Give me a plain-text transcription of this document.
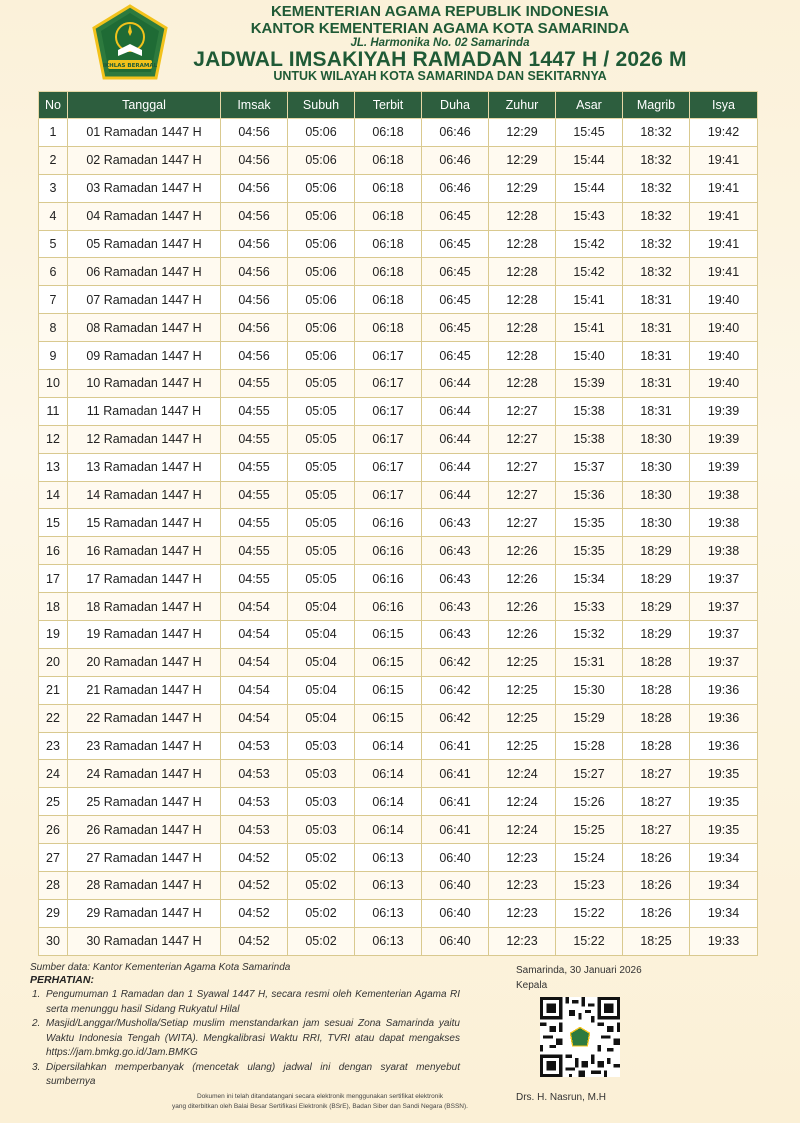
IKHLAS BERAMAL
KEMENTERIAN AGAMA REPUBLIK INDONESIA
KANTOR KEMENTERIAN AGAMA KOTA SAMARINDA
JL. Harmonika No. 02 Samarinda
JADWAL IMSAKIYAH RAMADAN 1447 H / 2026 M
UNTUK WILAYAH KOTA SAMARINDA DAN SEKITARNYA
No	Tanggal	Imsak	Subuh	Terbit	Duha	Zuhur	Asar	Magrib	Isya
1	01 Ramadan 1447 H	04:56	05:06	06:18	06:46	12:29	15:45	18:32	19:42
2	02 Ramadan 1447 H	04:56	05:06	06:18	06:46	12:29	15:44	18:32	19:41
3	03 Ramadan 1447 H	04:56	05:06	06:18	06:46	12:29	15:44	18:32	19:41
4	04 Ramadan 1447 H	04:56	05:06	06:18	06:45	12:28	15:43	18:32	19:41
5	05 Ramadan 1447 H	04:56	05:06	06:18	06:45	12:28	15:42	18:32	19:41
6	06 Ramadan 1447 H	04:56	05:06	06:18	06:45	12:28	15:42	18:32	19:41
7	07 Ramadan 1447 H	04:56	05:06	06:18	06:45	12:28	15:41	18:31	19:40
8	08 Ramadan 1447 H	04:56	05:06	06:18	06:45	12:28	15:41	18:31	19:40
9	09 Ramadan 1447 H	04:56	05:06	06:17	06:45	12:28	15:40	18:31	19:40
10	10 Ramadan 1447 H	04:55	05:05	06:17	06:44	12:28	15:39	18:31	19:40
11	11 Ramadan 1447 H	04:55	05:05	06:17	06:44	12:27	15:38	18:31	19:39
12	12 Ramadan 1447 H	04:55	05:05	06:17	06:44	12:27	15:38	18:30	19:39
13	13 Ramadan 1447 H	04:55	05:05	06:17	06:44	12:27	15:37	18:30	19:39
14	14 Ramadan 1447 H	04:55	05:05	06:17	06:44	12:27	15:36	18:30	19:38
15	15 Ramadan 1447 H	04:55	05:05	06:16	06:43	12:27	15:35	18:30	19:38
16	16 Ramadan 1447 H	04:55	05:05	06:16	06:43	12:26	15:35	18:29	19:38
17	17 Ramadan 1447 H	04:55	05:05	06:16	06:43	12:26	15:34	18:29	19:37
18	18 Ramadan 1447 H	04:54	05:04	06:16	06:43	12:26	15:33	18:29	19:37
19	19 Ramadan 1447 H	04:54	05:04	06:15	06:43	12:26	15:32	18:29	19:37
20	20 Ramadan 1447 H	04:54	05:04	06:15	06:42	12:25	15:31	18:28	19:37
21	21 Ramadan 1447 H	04:54	05:04	06:15	06:42	12:25	15:30	18:28	19:36
22	22 Ramadan 1447 H	04:54	05:04	06:15	06:42	12:25	15:29	18:28	19:36
23	23 Ramadan 1447 H	04:53	05:03	06:14	06:41	12:25	15:28	18:28	19:36
24	24 Ramadan 1447 H	04:53	05:03	06:14	06:41	12:24	15:27	18:27	19:35
25	25 Ramadan 1447 H	04:53	05:03	06:14	06:41	12:24	15:26	18:27	19:35
26	26 Ramadan 1447 H	04:53	05:03	06:14	06:41	12:24	15:25	18:27	19:35
27	27 Ramadan 1447 H	04:52	05:02	06:13	06:40	12:23	15:24	18:26	19:34
28	28 Ramadan 1447 H	04:52	05:02	06:13	06:40	12:23	15:23	18:26	19:34
29	29 Ramadan 1447 H	04:52	05:02	06:13	06:40	12:23	15:22	18:26	19:34
30	30 Ramadan 1447 H	04:52	05:02	06:13	06:40	12:23	15:22	18:25	19:33
Sumber data: Kantor Kementerian Agama Kota Samarinda
PERHATIAN:
1. Pengumuman 1 Ramadan dan 1 Syawal 1447 H, secara resmi oleh Kementerian Agama RI serta menunggu hasil Sidang Rukyatul Hilal
2. Masjid/Langgar/Musholla/Setiap muslim menstandarkan jam sesuai Zona Samarinda yaitu Waktu Indonesia Tengah (WITA). Mengkalibrasi Waktu RRI, TVRI atau dapat mengakses https://jam.bmkg.go.id/Jam.BMKG
3. Dipersilahkan memperbanyak (mencetak ulang) jadwal ini dengan syarat menyebut sumbernya
Samarinda, 30 Januari 2026
Kepala
Drs. H. Nasrun, M.H
Dokumen ini telah ditandatangani secara elektronik menggunakan sertifikat elektronik
yang diterbitkan oleh Balai Besar Sertifikasi Elektronik (BSrE), Badan Siber dan Sandi Negara (BSSN).
